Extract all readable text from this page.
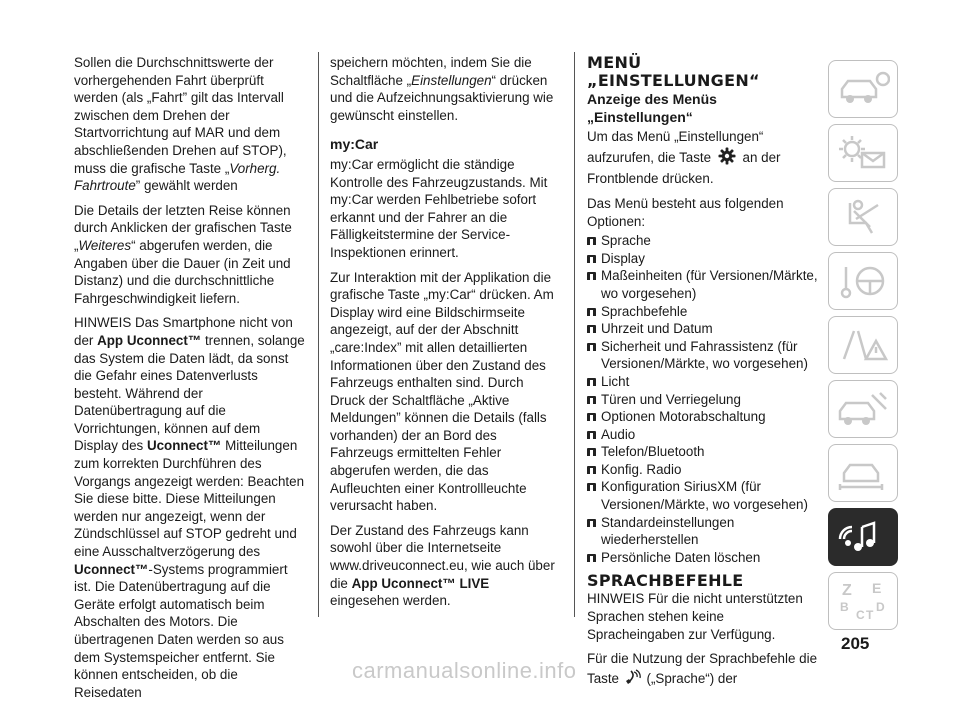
Sollen die Durchschnittswerte der vorhergehenden Fahrt überprüft werden (als „Fahrt” gilt das Intervall zwischen dem Drehen der Startvorrichtung auf MAR und dem abschließenden Drehen auf STOP), muss die grafische Taste „Vorherg. Fahrtroute” gewählt werden

Die Details der letzten Reise können durch Anklicken der grafischen Taste „Weiteres“ abgerufen werden, die Angaben über die Dauer (in Zeit und Distanz) und die durchschnittliche Fahrgeschwindigkeit liefern.

HINWEIS Das Smartphone nicht von der App Uconnect™ trennen, solange das System die Daten lädt, da sonst die Gefahr eines Datenverlusts besteht. Während der Datenübertragung auf die Vorrichtungen, können auf dem Display des Uconnect™ Mitteilungen zum korrekten Durchführen des Vorgangs angezeigt werden: Beachten Sie diese bitte. Diese Mitteilungen werden nur angezeigt, wenn der Zündschlüssel auf STOP gedreht und eine Ausschaltverzögerung des Uconnect™-Systems programmiert ist. Die Datenübertragung auf die Geräte erfolgt automatisch beim Abschalten des Motors. Die übertragenen Daten werden so aus dem Systemspeicher entfernt. Sie können entscheiden, ob die Reisedaten

speichern möchten, indem Sie die Schaltfläche „Einstellungen“ drücken und die Aufzeichnungsaktivierung wie gewünscht einstellen.

my:Car

my:Car ermöglicht die ständige Kontrolle des Fahrzeugzustands. Mit my:Car werden Fehlbetriebe sofort erkannt und der Fahrer an die Fälligkeitstermine der Service-Inspektionen erinnert.

Zur Interaktion mit der Applikation die grafische Taste „my:Car“ drücken. Am Display wird eine Bildschirmseite angezeigt, auf der der Abschnitt „care:Index” mit allen detaillierten Informationen über den Zustand des Fahrzeugs enthalten sind. Durch Druck der Schaltfläche „Aktive Meldungen” können die Details (falls vorhanden) der an Bord des Fahrzeugs ermittelten Fehler abgerufen werden, die das Aufleuchten einer Kontrollleuchte verursacht haben.

Der Zustand des Fahrzeugs kann sowohl über die Internetseite www.driveuconnect.eu, wie auch über die App Uconnect™ LIVE eingesehen werden.

MENÜ
„EINSTELLUNGEN“
Anzeige des Menüs „Einstellungen“

Um das Menü „Einstellungen“ aufzurufen, die Taste an der Frontblende drücken.

Das Menü besteht aus folgenden Optionen:

Sprache
Display
Maßeinheiten (für Versionen/Märkte, wo vorgesehen)
Sprachbefehle
Uhrzeit und Datum
Sicherheit und Fahrassistenz (für Versionen/Märkte, wo vorgesehen)
Licht
Türen und Verriegelung
Optionen Motorabschaltung
Audio
Telefon/Bluetooth
Konfig. Radio
Konfiguration SiriusXM (für Versionen/Märkte, wo vorgesehen)
Standardeinstellungen wiederherstellen
Persönliche Daten löschen
SPRACHBEFEHLE

HINWEIS Für die nicht unterstützten Sprachen stehen keine Spracheingaben zur Verfügung.

Für die Nutzung der Sprachbefehle die Taste („Sprache“) der

Z E
B
C T
D
205
carmanualsonline.info
